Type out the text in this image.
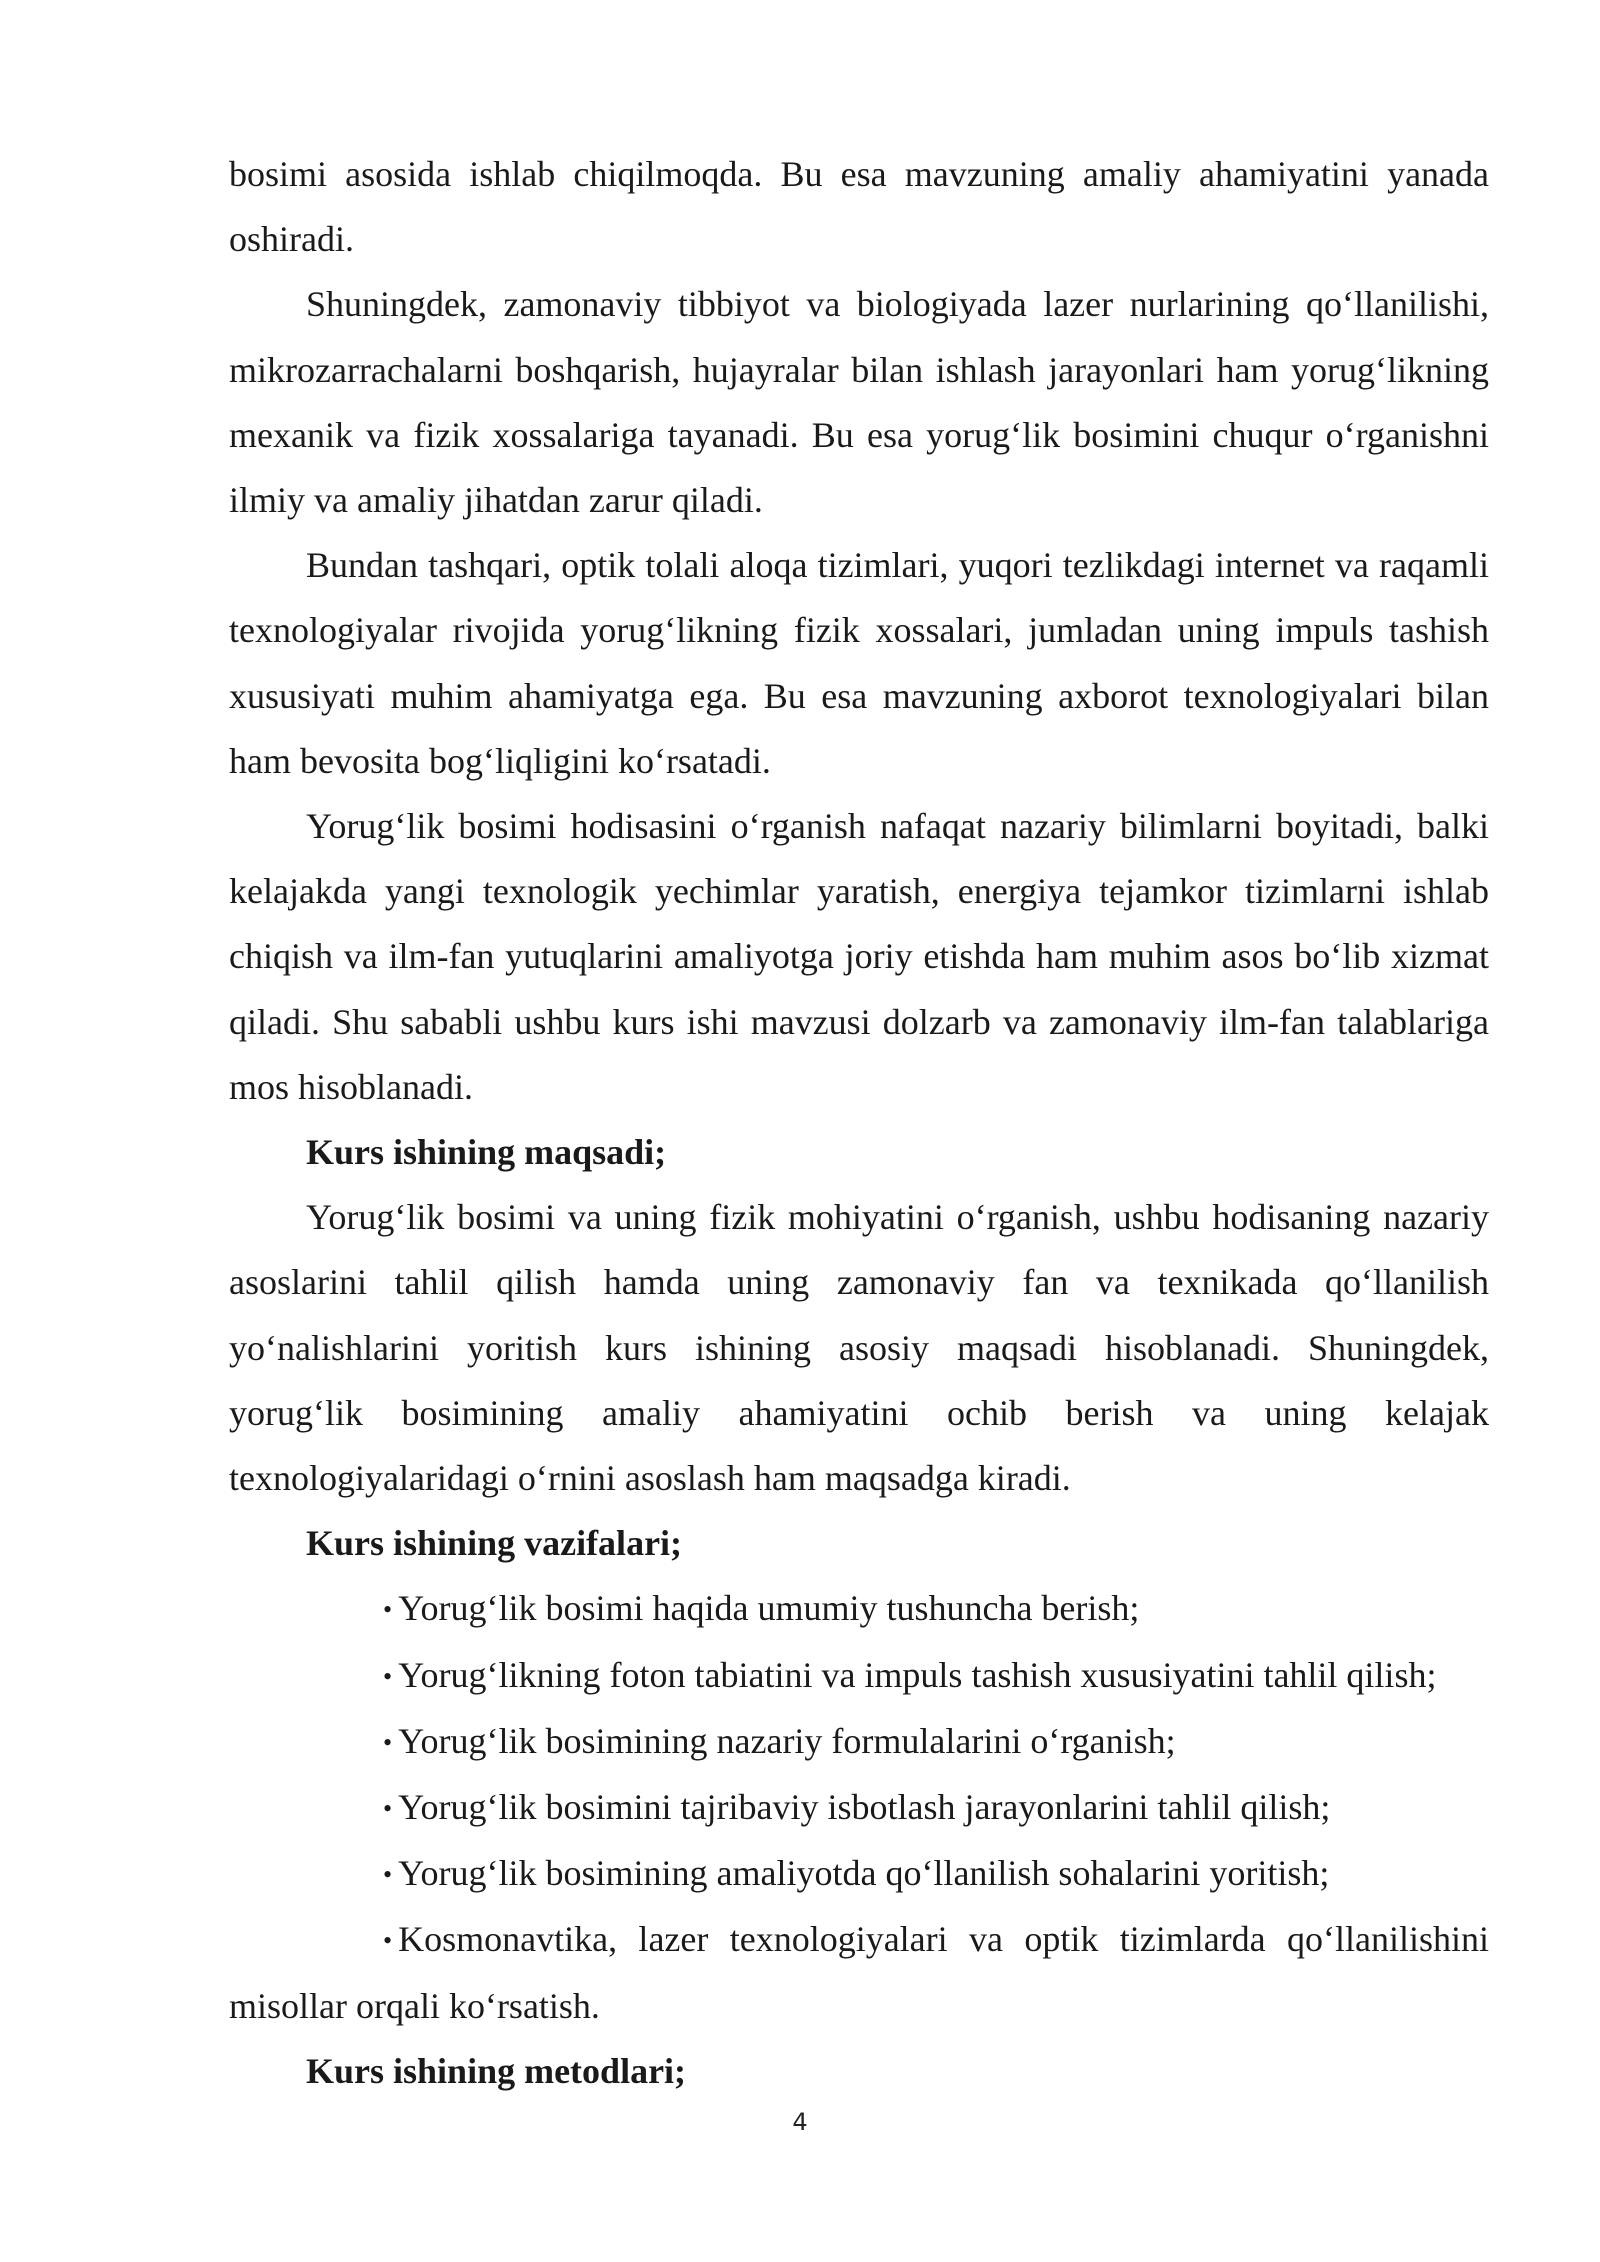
bosimi asosida ishlab chiqilmoqda. Bu esa mavzuning amaliy ahamiyatini yanada oshiradi.

Shuningdek, zamonaviy tibbiyot va biologiyada lazer nurlarining qo‘llanilishi, mikrozarrachalarni boshqarish, hujayralar bilan ishlash jarayonlari ham yorug‘likning mexanik va fizik xossalariga tayanadi. Bu esa yorug‘lik bosimini chuqur o‘rganishni ilmiy va amaliy jihatdan zarur qiladi.

Bundan tashqari, optik tolali aloqa tizimlari, yuqori tezlikdagi internet va raqamli texnologiyalar rivojida yorug‘likning fizik xossalari, jumladan uning impuls tashish xususiyati muhim ahamiyatga ega. Bu esa mavzuning axborot texnologiyalari bilan ham bevosita bog‘liqligini ko‘rsatadi.

Yorug‘lik bosimi hodisasini o‘rganish nafaqat nazariy bilimlarni boyitadi, balki kelajakda yangi texnologik yechimlar yaratish, energiya tejamkor tizimlarni ishlab chiqish va ilm-fan yutuqlarini amaliyotga joriy etishda ham muhim asos bo‘lib xizmat qiladi. Shu sababli ushbu kurs ishi mavzusi dolzarb va zamonaviy ilm-fan talablariga mos hisoblanadi.

Kurs ishining maqsadi;

Yorug‘lik bosimi va uning fizik mohiyatini o‘rganish, ushbu hodisaning nazariy asoslarini tahlil qilish hamda uning zamonaviy fan va texnikada qo‘llanilish yo‘nalishlarini yoritish kurs ishining asosiy maqsadi hisoblanadi. Shuningdek, yorug‘lik bosimining amaliy ahamiyatini ochib berish va uning kelajak texnologiyalaridagi o‘rnini asoslash ham maqsadga kiradi.

Kurs ishining vazifalari;

• Yorug‘lik bosimi haqida umumiy tushuncha berish;

• Yorug‘likning foton tabiatini va impuls tashish xususiyatini tahlil qilish;

• Yorug‘lik bosimining nazariy formulalarini o‘rganish;

• Yorug‘lik bosimini tajribaviy isbotlash jarayonlarini tahlil qilish;

• Yorug‘lik bosimining amaliyotda qo‘llanilish sohalarini yoritish;

• Kosmonavtika, lazer texnologiyalari va optik tizimlarda qo‘llanilishini misollar orqali ko‘rsatish.

Kurs ishining metodlari;

4
